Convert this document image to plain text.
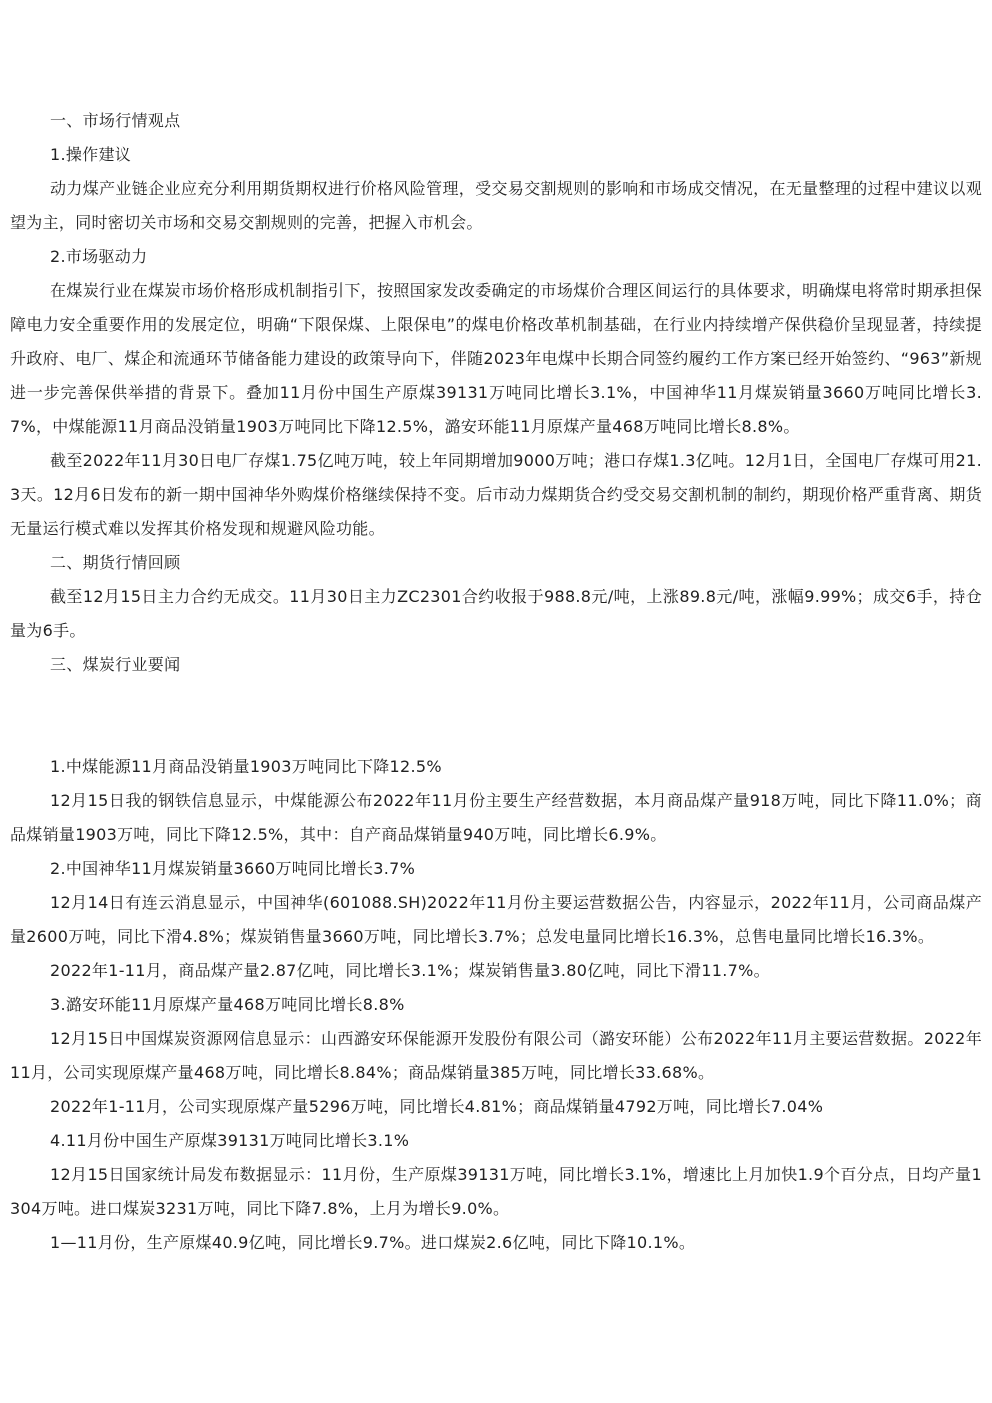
一、市场行情观点

1.操作建议

动力煤产业链企业应充分利用期货期权进行价格风险管理，受交易交割规则的影响和市场成交情况，在无量整理的过程中建议以观望为主，同时密切关市场和交易交割规则的完善，把握入市机会。

2.市场驱动力

在煤炭行业在煤炭市场价格形成机制指引下，按照国家发改委确定的市场煤价合理区间运行的具体要求，明确煤电将常时期承担保障电力安全重要作用的发展定位，明确“下限保煤、上限保电”的煤电价格改革机制基础，在行业内持续增产保供稳价呈现显著，持续提升政府、电厂、煤企和流通环节储备能力建设的政策导向下，伴随2023年电煤中长期合同签约履约工作方案已经开始签约、“963”新规进一步完善保供举措的背景下。叠加11月份中国生产原煤39131万吨同比增长3.1%，中国神华11月煤炭销量3660万吨同比增长3.7%，中煤能源11月商品没销量1903万吨同比下降12.5%，潞安环能11月原煤产量468万吨同比增长8.8%。

截至2022年11月30日电厂存煤1.75亿吨万吨，较上年同期增加9000万吨；港口存煤1.3亿吨。12月1日，全国电厂存煤可用21.3天。12月6日发布的新一期中国神华外购煤价格继续保持不变。后市动力煤期货合约受交易交割机制的制约，期现价格严重背离、期货无量运行模式难以发挥其价格发现和规避风险功能。

二、期货行情回顾

截至12月15日主力合约无成交。11月30日主力ZC2301合约收报于988.8元/吨，上涨89.8元/吨，涨幅9.99%；成交6手，持仓量为6手。

三、煤炭行业要闻

1.中煤能源11月商品没销量1903万吨同比下降12.5%

12月15日我的钢铁信息显示，中煤能源公布2022年11月份主要生产经营数据，本月商品煤产量918万吨，同比下降11.0%；商品煤销量1903万吨，同比下降12.5%，其中：自产商品煤销量940万吨，同比增长6.9%。

2.中国神华11月煤炭销量3660万吨同比增长3.7%

12月14日有连云消息显示，中国神华(601088.SH)2022年11月份主要运营数据公告，内容显示，2022年11月，公司商品煤产量2600万吨，同比下滑4.8%；煤炭销售量3660万吨，同比增长3.7%；总发电量同比增长16.3%，总售电量同比增长16.3%。

2022年1-11月，商品煤产量2.87亿吨，同比增长3.1%；煤炭销售量3.80亿吨，同比下滑11.7%。

3.潞安环能11月原煤产量468万吨同比增长8.8%

12月15日中国煤炭资源网信息显示：山西潞安环保能源开发股份有限公司（潞安环能）公布2022年11月主要运营数据。2022年11月，公司实现原煤产量468万吨，同比增长8.84%；商品煤销量385万吨，同比增长33.68%。

2022年1-11月，公司实现原煤产量5296万吨，同比增长4.81%；商品煤销量4792万吨，同比增长7.04%

4.11月份中国生产原煤39131万吨同比增长3.1%

12月15日国家统计局发布数据显示：11月份，生产原煤39131万吨，同比增长3.1%，增速比上月加快1.9个百分点，日均产量1304万吨。进口煤炭3231万吨，同比下降7.8%，上月为增长9.0%。

1—11月份，生产原煤40.9亿吨，同比增长9.7%。进口煤炭2.6亿吨，同比下降10.1%。
